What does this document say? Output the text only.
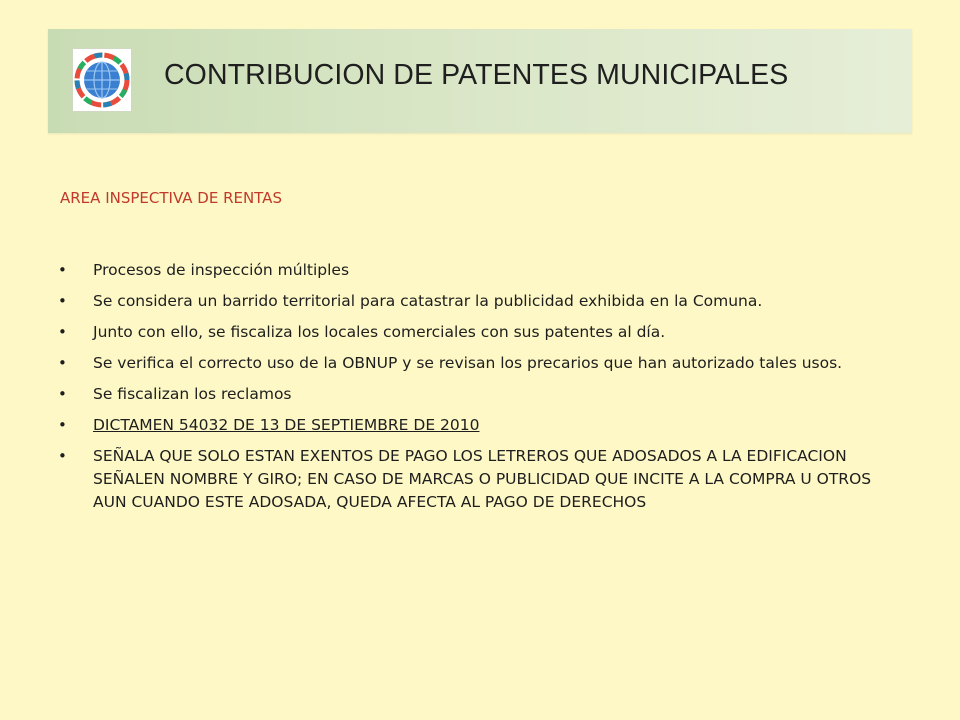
CONTRIBUCION DE PATENTES MUNICIPALES
AREA INSPECTIVA DE RENTAS
•	Procesos de inspección múltiples
•	Se considera un barrido territorial para catastrar la publicidad exhibida en la Comuna.
•	Junto con ello, se fiscaliza los locales comerciales con sus patentes al día.
•	Se verifica el correcto uso de la OBNUP y se revisan los precarios que han autorizado tales usos.
•	Se fiscalizan los reclamos
•	DICTAMEN 54032 DE 13 DE SEPTIEMBRE DE 2010
•	SEÑALA QUE SOLO ESTAN EXENTOS DE PAGO LOS LETREROS QUE ADOSADOS A LA EDIFICACION SEÑALEN NOMBRE Y GIRO; EN CASO DE MARCAS O PUBLICIDAD QUE INCITE A LA COMPRA U OTROS AUN CUANDO ESTE ADOSADA, QUEDA AFECTA AL PAGO DE DERECHOS
